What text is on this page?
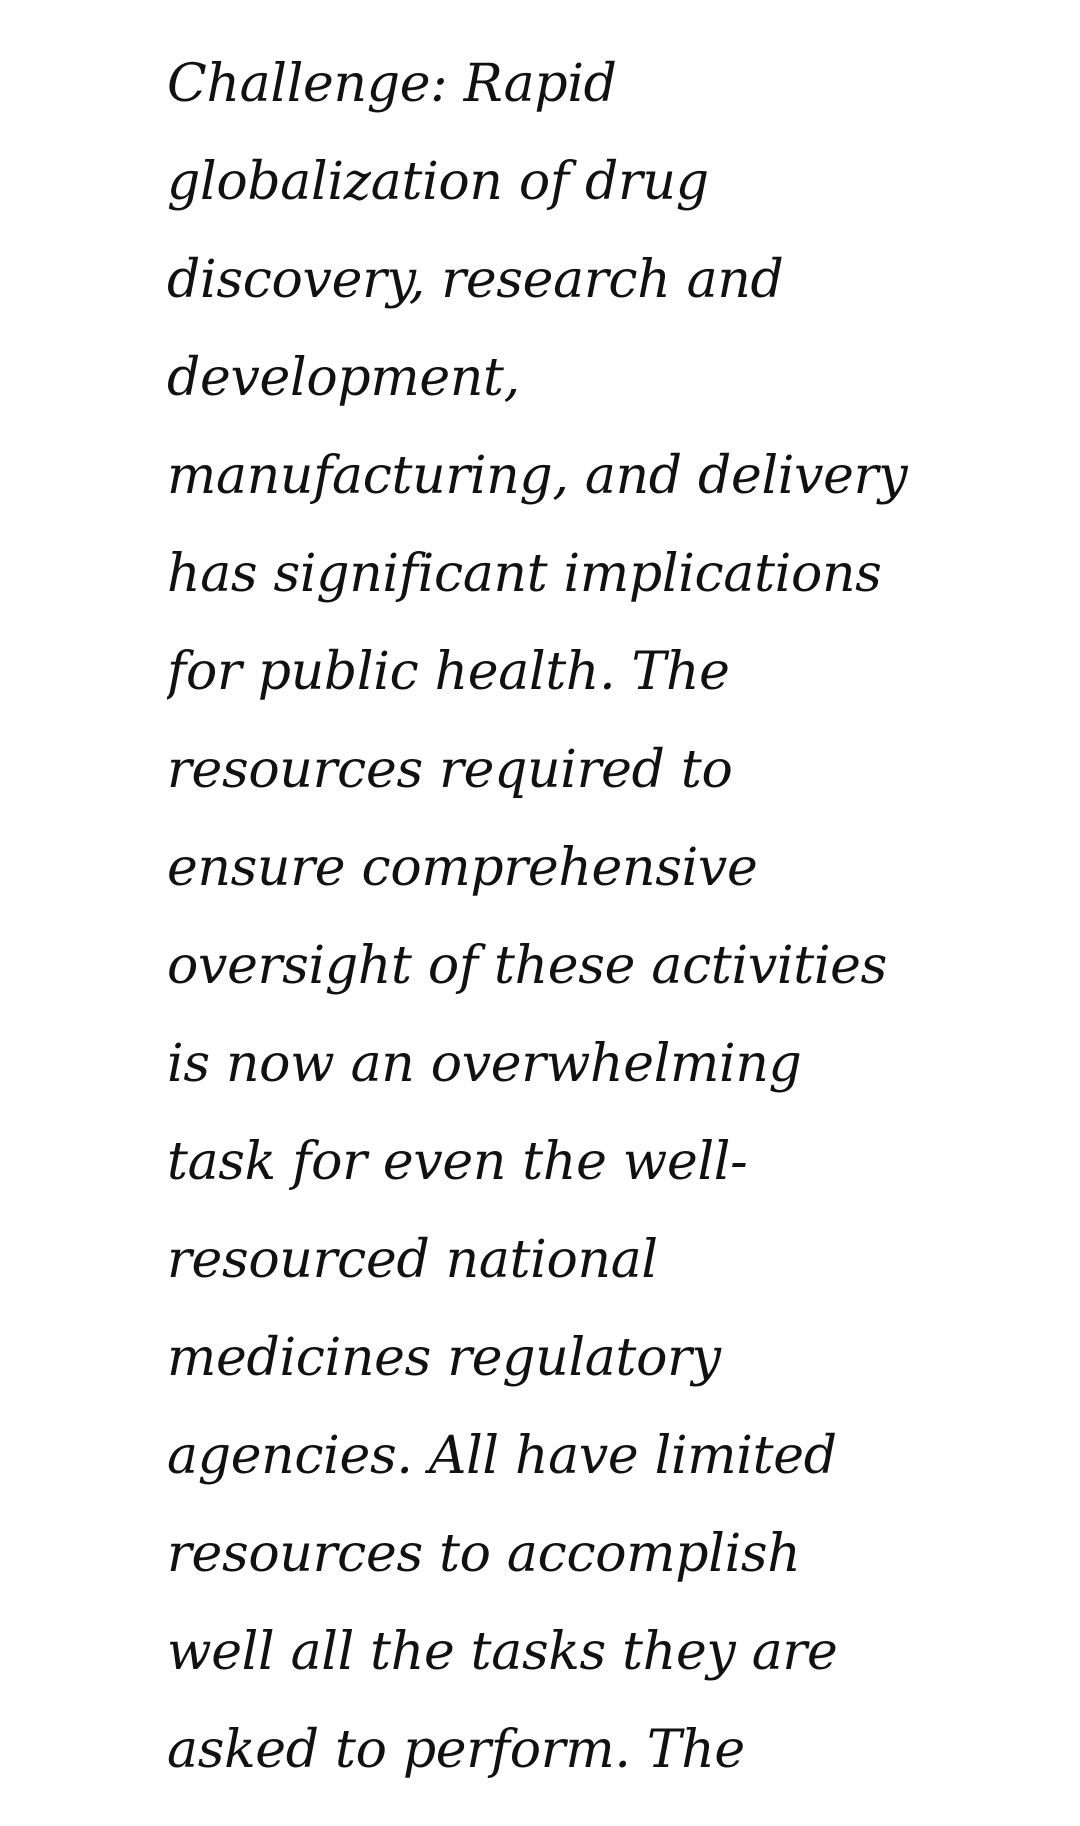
Challenge: Rapid

globalization of drug

discovery, research and

development,

manufacturing, and delivery

has significant implications

for public health. The

resources required to

ensure comprehensive

oversight of these activities

is now an overwhelming

task for even the well-

resourced national

medicines regulatory

agencies. All have limited

resources to accomplish

well all the tasks they are

asked to perform. The
